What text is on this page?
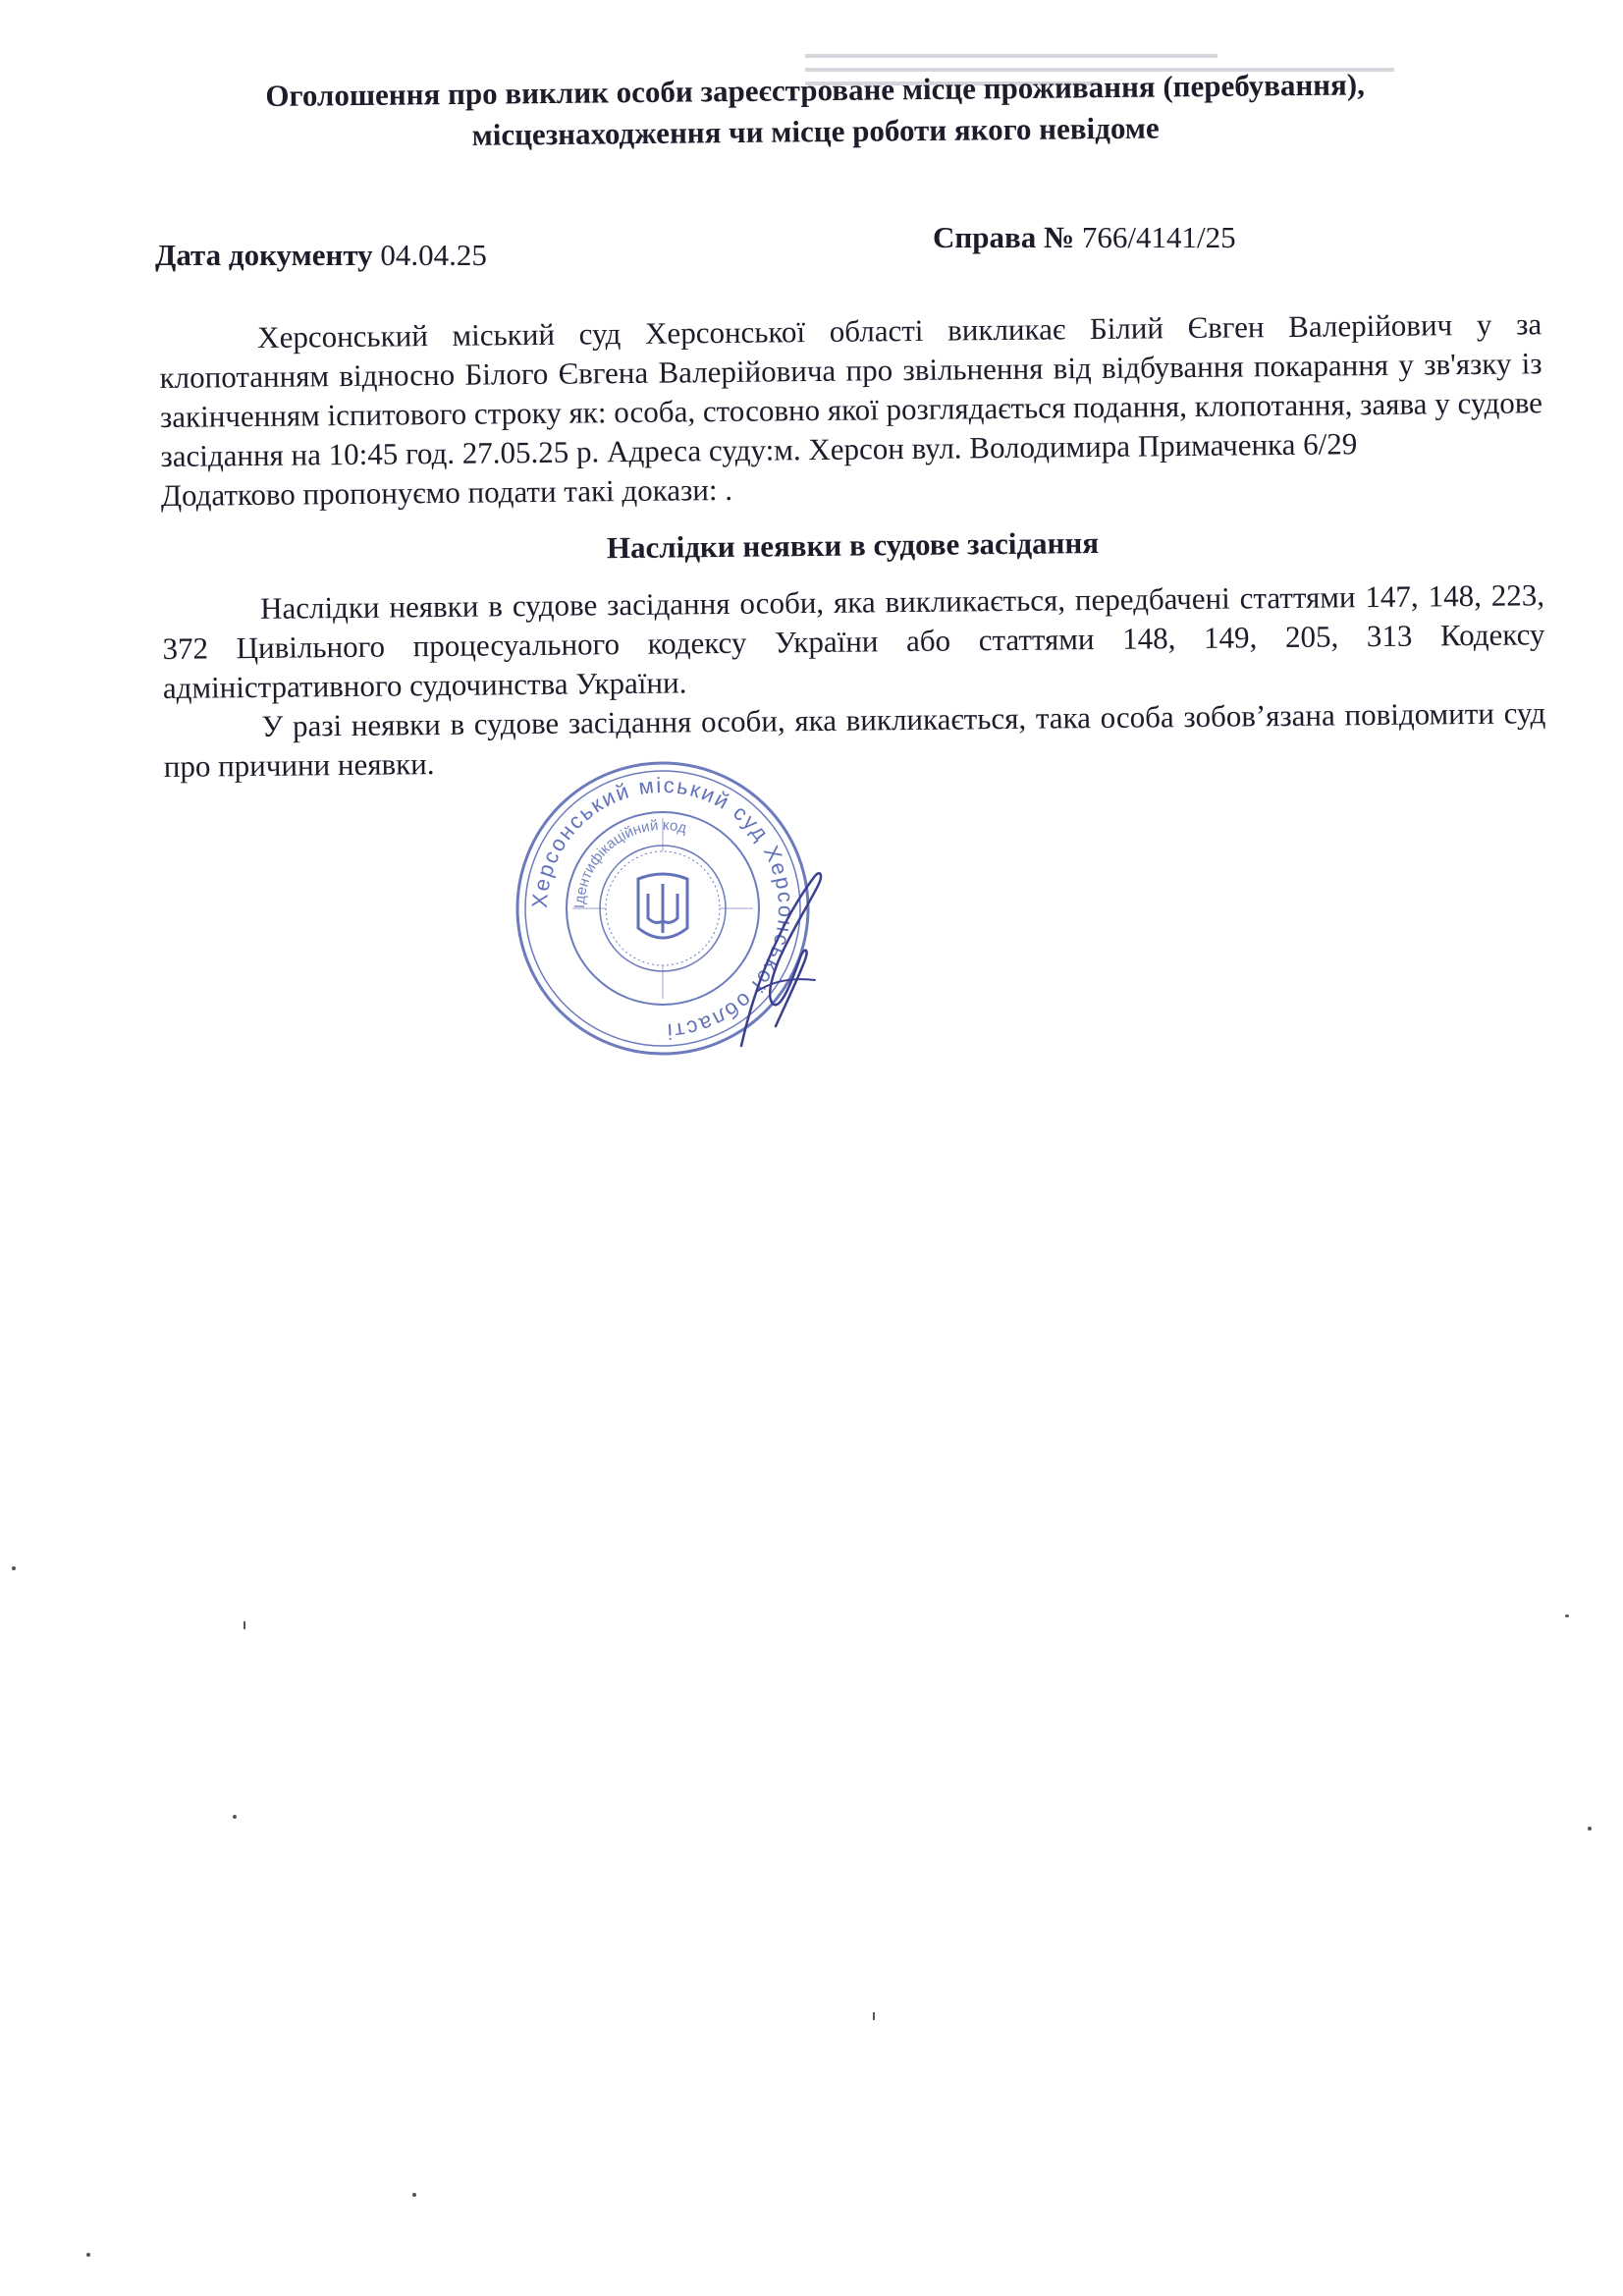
Оголошення про виклик особи зареєстроване місце проживання (перебування),
місцезнаходження чи місце роботи якого невідоме
Дата документу 04.04.25
Справа № 766/4141/25

Херсонський міський суд Херсонської області викликає Білий Євген Валерійович у за клопотанням відносно Білого Євгена Валерійовича про звільнення від відбування покарання у зв'язку із закінченням іспитового строку як: особа, стосовно якої розглядається подання, клопотання, заява у судове засідання на 10:45 год. 27.05.25 р. Адреса суду:м. Херсон вул. Володимира Примаченка 6/29

Додатково пропонуємо подати такі докази: .

Наслідки неявки в судове засідання

Наслідки неявки в судове засідання особи, яка викликається, передбачені статтями 147, 148, 223, 372 Цивільного процесуального кодексу України або статтями 148, 149, 205, 313 Кодексу адміністративного судочинства України.

У разі неявки в судове засідання особи, яка викликається, така особа зобов’язана повідомити суд про причини неявки.

Херсонський міський суд Херсонської області
Ідентифікаційний код
